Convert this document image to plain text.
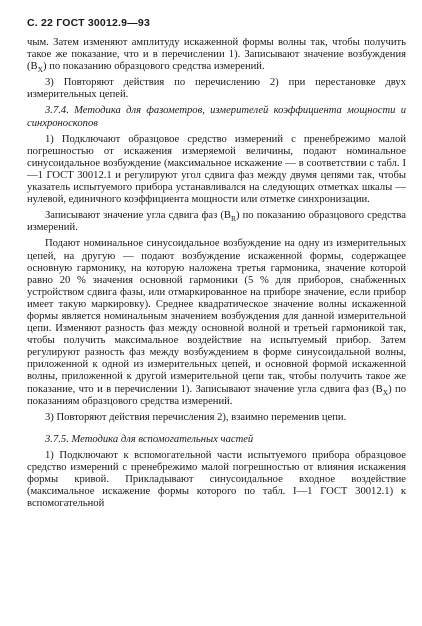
С. 22 ГОСТ 30012.9—93

чым. Затем изменяют амплитуду искаженной формы волны так, чтобы получить такое же показание, что и в перечислении 1). Записывают значение возбуждения $(B_X)$ по показанию образцового средства измерений.

3) Повторяют действия по перечислению 2) при перестановке двух измерительных цепей.

3.7.4. Методика для фазометров, измерителей коэффициента мощности и синхроноскопов

1) Подключают образцовое средство измерений с пренебрежимо малой погрешностью от искажения измеряемой величины, подают номинальное синусоидальное возбуждение (максимальное искажение — в соответствии с табл. I—1 ГОСТ 30012.1 и регулируют угол сдвига фаз между двумя цепями так, чтобы указатель испытуемого прибора устанавливался на следующих отметках шкалы — нулевой, единичного коэффициента мощности или отметке синхронизации.

Записывают значение угла сдвига фаз $(B_R)$ по показанию образцового средства измерений.

Подают номинальное синусоидальное возбуждение на одну из измерительных цепей, на другую — подают возбуждение искаженной формы, содержащее основную гармонику, на которую наложена третья гармоника, значение которой равно 20 % значения основной гармоники (5 % для приборов, снабженных устройством сдвига фазы, или отмаркированное на приборе значение, если прибор имеет такую маркировку). Среднее квадратическое значение волны искаженной формы является номинальным значением возбуждения для данной измерительной цепи. Изменяют разность фаз между основной волной и третьей гармоникой так, чтобы получить максимальное воздействие на испытуемый прибор. Затем регулируют разность фаз между возбуждением в форме синусоидальной волны, приложенной к одной из измерительных цепей, и основной формой искаженной волны, приложенной к другой измерительной цепи так, чтобы получить такое же показание, что и в перечислении 1). Записывают значение угла сдвига фаз $(B_X)$ по показаниям образцового средства измерений.

3) Повторяют действия перечисления 2), взаимно переменив цепи.

3.7.5. Методика для вспомогательных частей

1) Подключают к вспомогательной части испытуемого прибора образцовое средство измерений с пренебрежимо малой погрешностью от влияния искажения формы кривой. Прикладывают синусоидальное входное воздействие (максимальное искажение формы которого по табл. I—1 ГОСТ 30012.1) к вспомогательной
